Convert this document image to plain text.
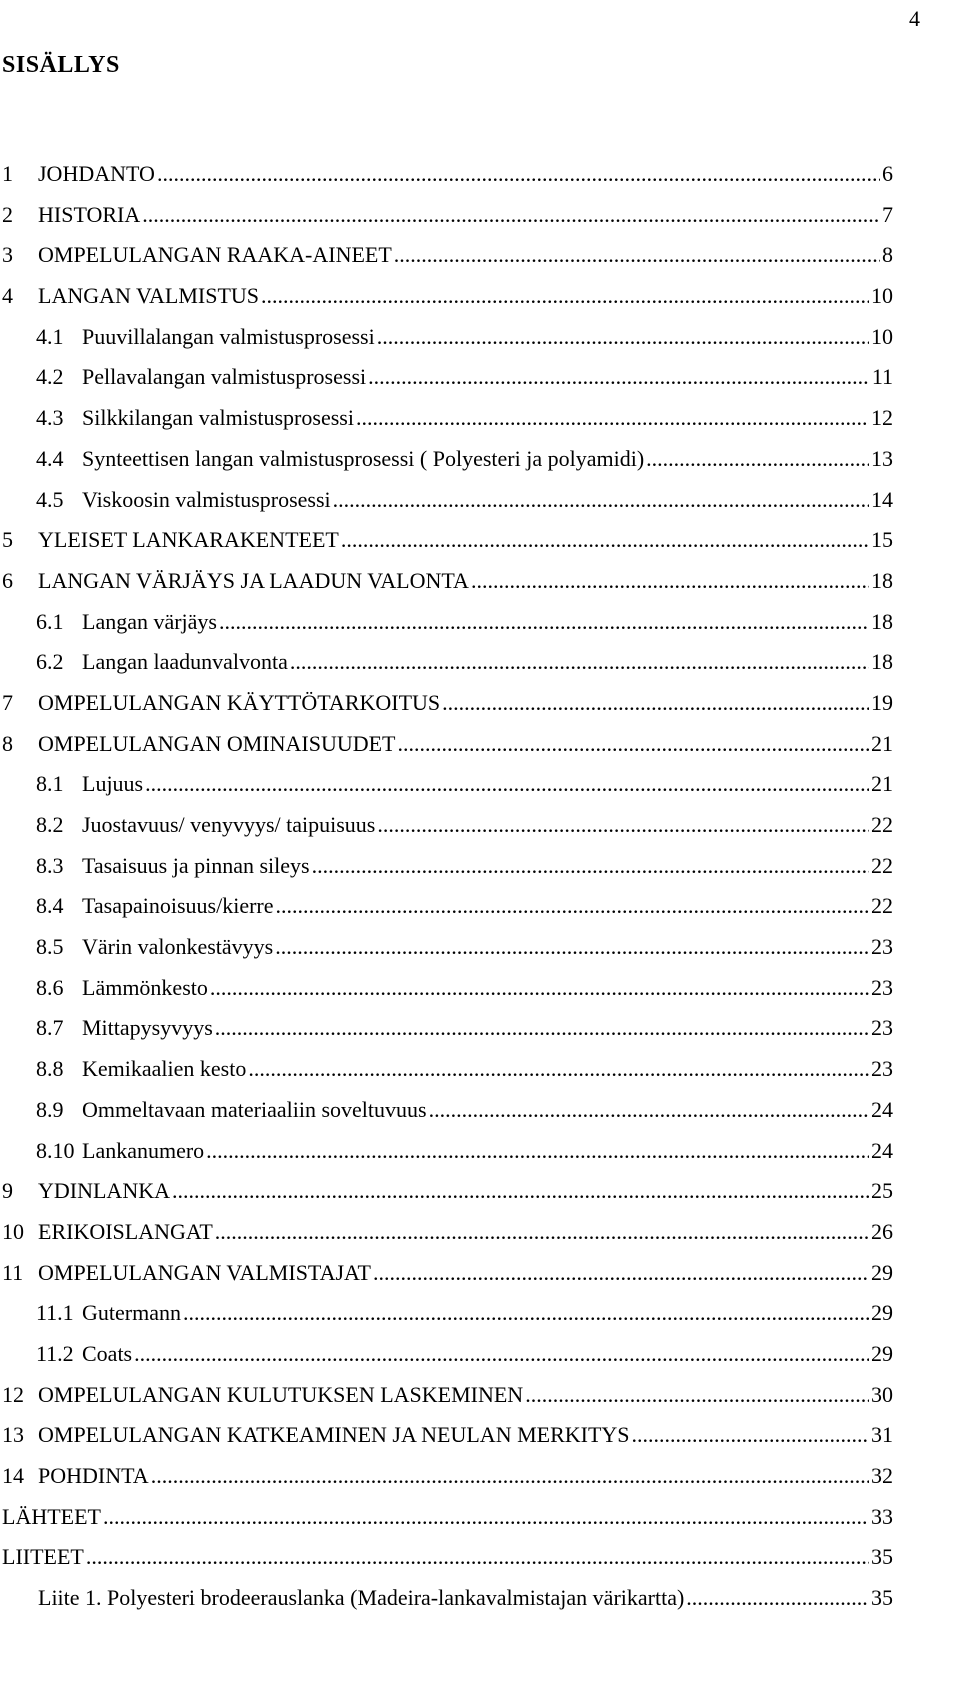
4
SISÄLLYS
1	JOHDANTO .....	6
2	HISTORIA .....	7
3	OMPELULANGAN RAAKA-AINEET .....	8
4	LANGAN VALMISTUS .....	10
4.1 Puuvillalangan valmistusprosessi .....	10
4.2 Pellavalangan valmistusprosessi .....	11
4.3 Silkkilangan valmistusprosessi .....	12
4.4 Synteettisen langan valmistusprosessi ( Polyesteri ja polyamidi) .....	13
4.5 Viskoosin valmistusprosessi .....	14
5	YLEISET LANKARAKENTEET .....	15
6	LANGAN VÄRJÄYS JA LAADUN VALONTA .....	18
6.1 Langan värjäys .....	18
6.2 Langan laadunvalvonta .....	18
7	OMPELULANGAN KÄYTTÖTARKOITUS .....	19
8	OMPELULANGAN OMINAISUUDET .....	21
8.1 Lujuus .....	21
8.2 Juostavuus/ venyvyys/ taipuisuus .....	22
8.3 Tasaisuus ja pinnan sileys .....	22
8.4 Tasapainoisuus/kierre .....	22
8.5 Värin valonkestävyys .....	23
8.6 Lämmönkesto .....	23
8.7 Mittapysyvyys .....	23
8.8 Kemikaalien kesto .....	23
8.9 Ommeltavaan materiaaliin soveltuvuus .....	24
8.10 Lankanumero .....	24
9	YDINLANKA .....	25
10 ERIKOISLANGAT .....	26
11 OMPELULANGAN VALMISTAJAT .....	29
11.1 Gutermann .....	29
11.2 Coats .....	29
12 OMPELULANGAN KULUTUKSEN LASKEMINEN .....	30
13 OMPELULANGAN KATKEAMINEN JA NEULAN MERKITYS .....	31
14 POHDINTA .....	32
LÄHTEET .....	33
LIITEET .....	35
Liite 1. Polyesteri brodeerauslanka (Madeira-lankavalmistajan värikartta) .....	35
